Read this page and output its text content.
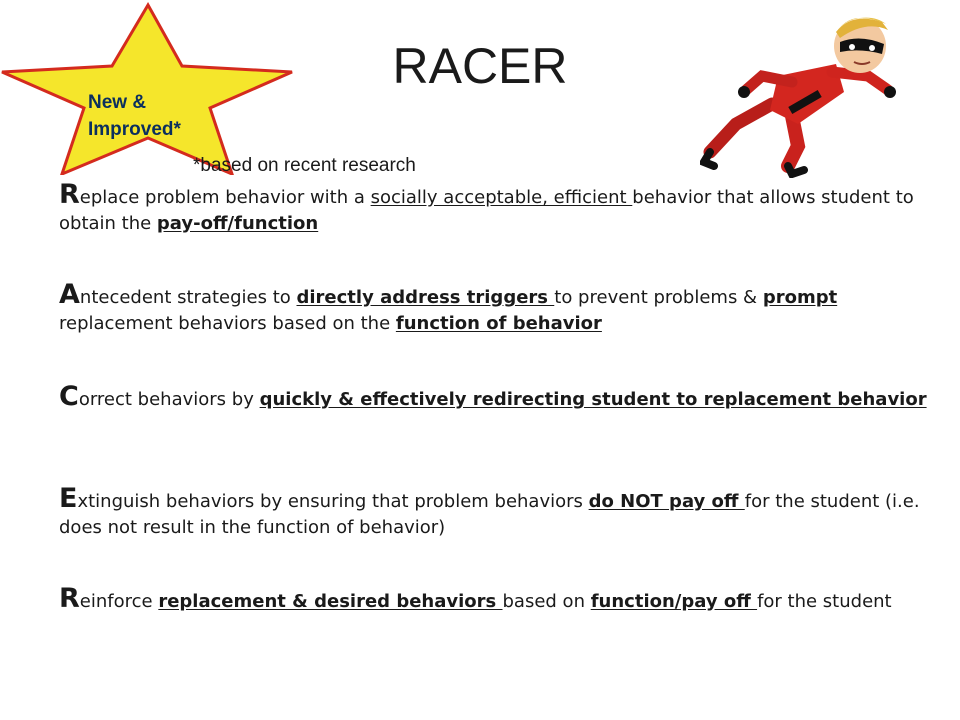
New &
Improved*
RACER
*based on recent research
Replace problem behavior with a socially acceptable, efficient behavior that allows student to obtain the pay-off/function
Antecedent strategies to directly address triggers to prevent problems & prompt replacement behaviors based on the function of behavior
Correct behaviors by quickly & effectively redirecting student to replacement behavior
Extinguish behaviors by ensuring that problem behaviors do NOT pay off for the student (i.e. does not result in the function of behavior)
Reinforce replacement & desired behaviors based on function/pay off for the student
